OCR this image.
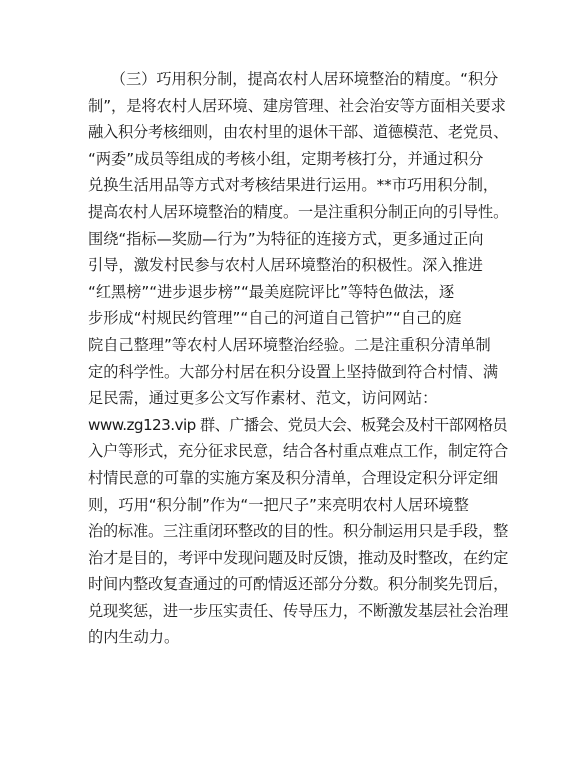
　　（三）巧用积分制，提高农村人居环境整治的精度。“积分
制”，是将农村人居环境、建房管理、社会治安等方面相关要求
融入积分考核细则，由农村里的退休干部、道德模范、老党员、
“两委”成员等组成的考核小组，定期考核打分，并通过积分
兑换生活用品等方式对考核结果进行运用。**市巧用积分制，
提高农村人居环境整治的精度。一是注重积分制正向的引导性。
围绕“指标—奖励—行为”为特征的连接方式，更多通过正向
引导，激发村民参与农村人居环境整治的积极性。深入推进
“红黑榜”“进步退步榜”“最美庭院评比”等特色做法，逐
步形成“村规民约管理”“自己的河道自己管护”“自己的庭
院自己整理”等农村人居环境整治经验。二是注重积分清单制
定的科学性。大部分村居在积分设置上坚持做到符合村情、满
足民需，通过更多公文写作素材、范文，访问网站：
www.zg123.vip 群、广播会、党员大会、板凳会及村干部网格员
入户等形式，充分征求民意，结合各村重点难点工作，制定符合
村情民意的可靠的实施方案及积分清单，合理设定积分评定细
则，巧用“积分制”作为“一把尺子”来亮明农村人居环境整
治的标准。三注重闭环整改的目的性。积分制运用只是手段，整
治才是目的，考评中发现问题及时反馈，推动及时整改，在约定
时间内整改复查通过的可酌情返还部分分数。积分制奖先罚后，
兑现奖惩，进一步压实责任、传导压力，不断激发基层社会治理
的内生动力。
